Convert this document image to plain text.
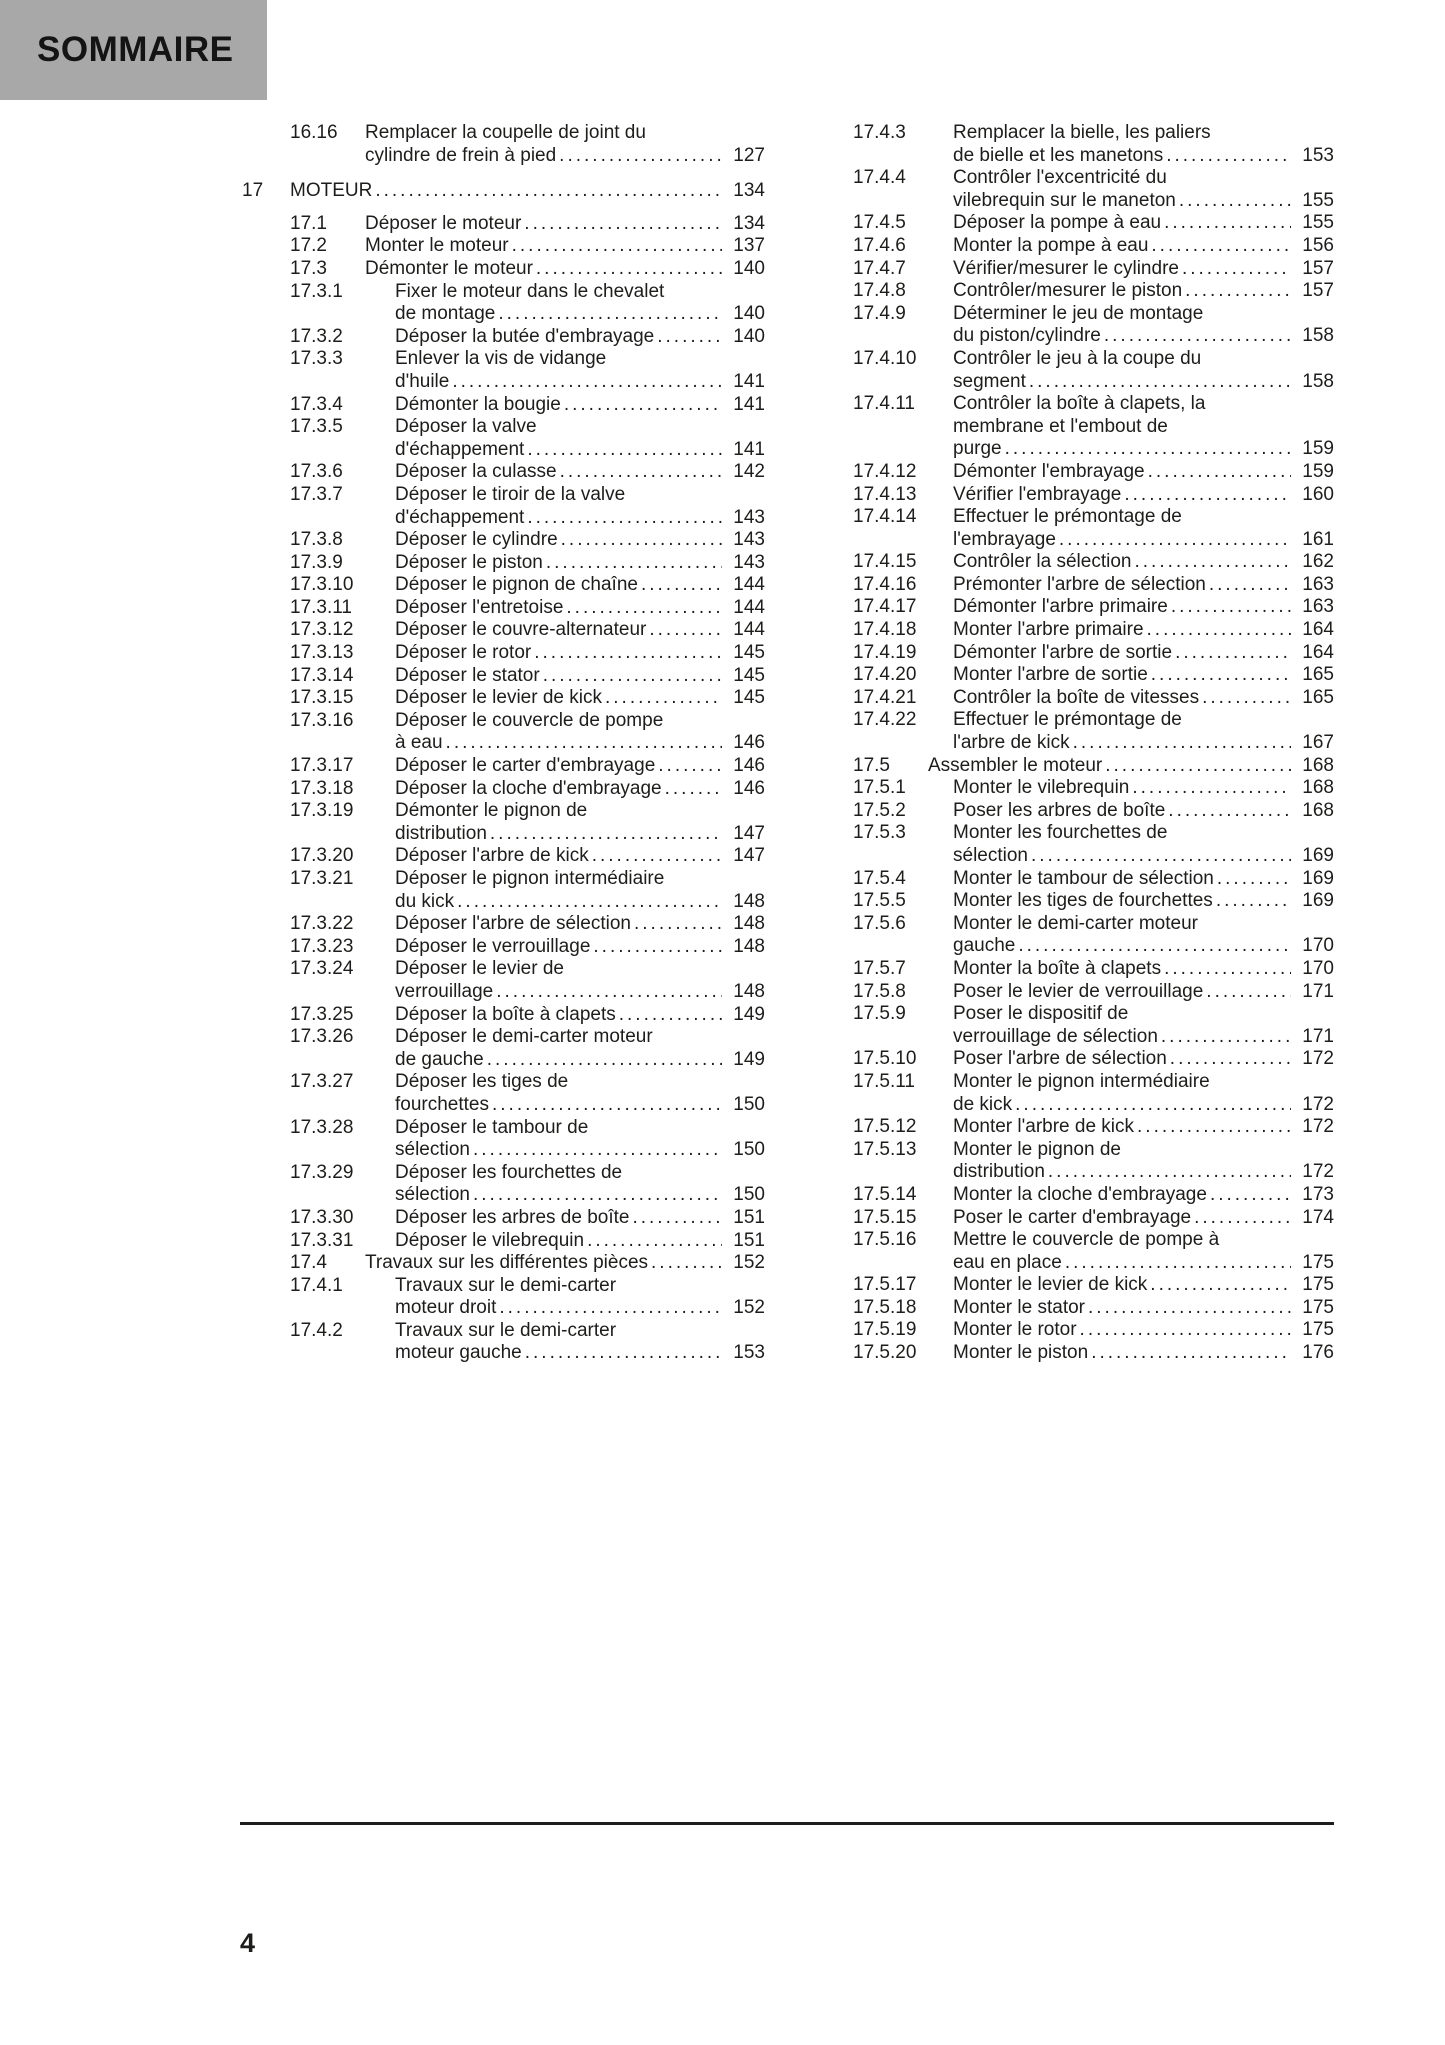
SOMMAIRE
16.16	Remplacer la coupelle de joint du
cylindre de frein à pied .....	127
17	MOTEUR .....	134
17.1	Déposer le moteur .....	134
17.2	Monter le moteur .....	137
17.3	Démonter le moteur .....	140
17.3.1	Fixer le moteur dans le chevalet
de montage .....	140
17.3.2	Déposer la butée d'embrayage .....	140
17.3.3	Enlever la vis de vidange
d'huile .....	141
17.3.4	Démonter la bougie .....	141
17.3.5	Déposer la valve
d'échappement .....	141
17.3.6	Déposer la culasse .....	142
17.3.7	Déposer le tiroir de la valve
d'échappement .....	143
17.3.8	Déposer le cylindre .....	143
17.3.9	Déposer le piston .....	143
17.3.10	Déposer le pignon de chaîne .....	144
17.3.11	Déposer l'entretoise .....	144
17.3.12	Déposer le couvre-alternateur .....	144
17.3.13	Déposer le rotor .....	145
17.3.14	Déposer le stator .....	145
17.3.15	Déposer le levier de kick .....	145
17.3.16	Déposer le couvercle de pompe
à eau .....	146
17.3.17	Déposer le carter d'embrayage .....	146
17.3.18	Déposer la cloche d'embrayage .....	146
17.3.19	Démonter le pignon de
distribution .....	147
17.3.20	Déposer l'arbre de kick .....	147
17.3.21	Déposer le pignon intermédiaire
du kick .....	148
17.3.22	Déposer l'arbre de sélection .....	148
17.3.23	Déposer le verrouillage .....	148
17.3.24	Déposer le levier de
verrouillage .....	148
17.3.25	Déposer la boîte à clapets .....	149
17.3.26	Déposer le demi-carter moteur
de gauche .....	149
17.3.27	Déposer les tiges de
fourchettes .....	150
17.3.28	Déposer le tambour de
sélection .....	150
17.3.29	Déposer les fourchettes de
sélection .....	150
17.3.30	Déposer les arbres de boîte .....	151
17.3.31	Déposer le vilebrequin .....	151
17.4	Travaux sur les différentes pièces .....	152
17.4.1	Travaux sur le demi-carter
moteur droit .....	152
17.4.2	Travaux sur le demi-carter
moteur gauche .....	153
17.4.3	Remplacer la bielle, les paliers
de bielle et les manetons .....	153
17.4.4	Contrôler l'excentricité du
vilebrequin sur le maneton .....	155
17.4.5	Déposer la pompe à eau .....	155
17.4.6	Monter la pompe à eau .....	156
17.4.7	Vérifier/mesurer le cylindre .....	157
17.4.8	Contrôler/mesurer le piston .....	157
17.4.9	Déterminer le jeu de montage
du piston/cylindre .....	158
17.4.10	Contrôler le jeu à la coupe du
segment .....	158
17.4.11	Contrôler la boîte à clapets, la
membrane et l'embout de
purge .....	159
17.4.12	Démonter l'embrayage .....	159
17.4.13	Vérifier l'embrayage .....	160
17.4.14	Effectuer le prémontage de
l'embrayage .....	161
17.4.15	Contrôler la sélection .....	162
17.4.16	Prémonter l'arbre de sélection .....	163
17.4.17	Démonter l'arbre primaire .....	163
17.4.18	Monter l'arbre primaire .....	164
17.4.19	Démonter l'arbre de sortie .....	164
17.4.20	Monter l'arbre de sortie .....	165
17.4.21	Contrôler la boîte de vitesses .....	165
17.4.22	Effectuer le prémontage de
l'arbre de kick .....	167
17.5	Assembler le moteur .....	168
17.5.1	Monter le vilebrequin .....	168
17.5.2	Poser les arbres de boîte .....	168
17.5.3	Monter les fourchettes de
sélection .....	169
17.5.4	Monter le tambour de sélection .....	169
17.5.5	Monter les tiges de fourchettes .....	169
17.5.6	Monter le demi-carter moteur
gauche .....	170
17.5.7	Monter la boîte à clapets .....	170
17.5.8	Poser le levier de verrouillage .....	171
17.5.9	Poser le dispositif de
verrouillage de sélection .....	171
17.5.10	Poser l'arbre de sélection .....	172
17.5.11	Monter le pignon intermédiaire
de kick .....	172
17.5.12	Monter l'arbre de kick .....	172
17.5.13	Monter le pignon de
distribution .....	172
17.5.14	Monter la cloche d'embrayage .....	173
17.5.15	Poser le carter d'embrayage .....	174
17.5.16	Mettre le couvercle de pompe à
eau en place .....	175
17.5.17	Monter le levier de kick .....	175
17.5.18	Monter le stator .....	175
17.5.19	Monter le rotor .....	175
17.5.20	Monter le piston .....	176
4
